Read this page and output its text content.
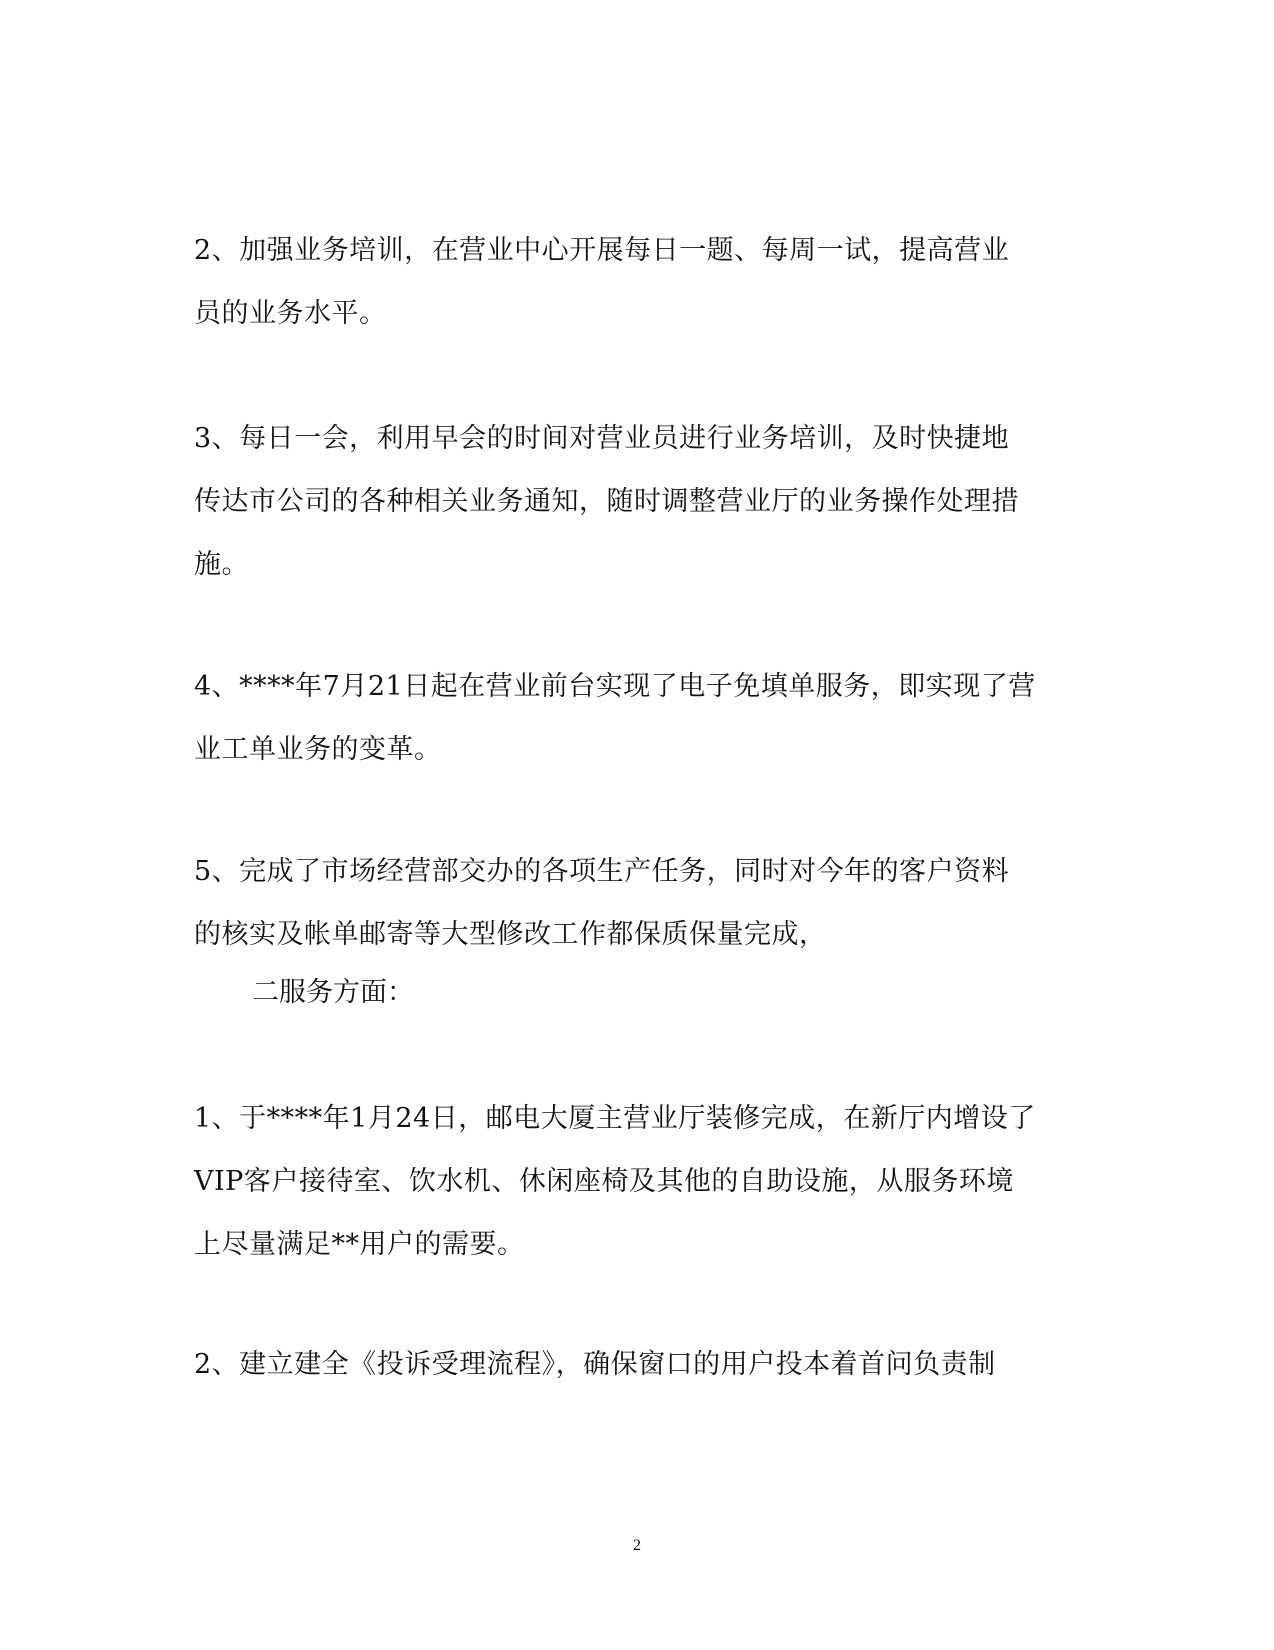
2、加强业务培训，在营业中心开展每日一题、每周一试，提高营业
员的业务水平。
3、每日一会，利用早会的时间对营业员进行业务培训，及时快捷地
传达市公司的各种相关业务通知，随时调整营业厅的业务操作处理措
施。
4、****年7月21日起在营业前台实现了电子免填单服务，即实现了营
业工单业务的变革。
5、完成了市场经营部交办的各项生产任务，同时对今年的客户资料
的核实及帐单邮寄等大型修改工作都保质保量完成，
二服务方面：
1、于****年1月24日，邮电大厦主营业厅装修完成，在新厅内增设了
VIP客户接待室、饮水机、休闲座椅及其他的自助设施，从服务环境
上尽量满足**用户的需要。
2、建立建全《投诉受理流程》，确保窗口的用户投本着首问负责制
2
